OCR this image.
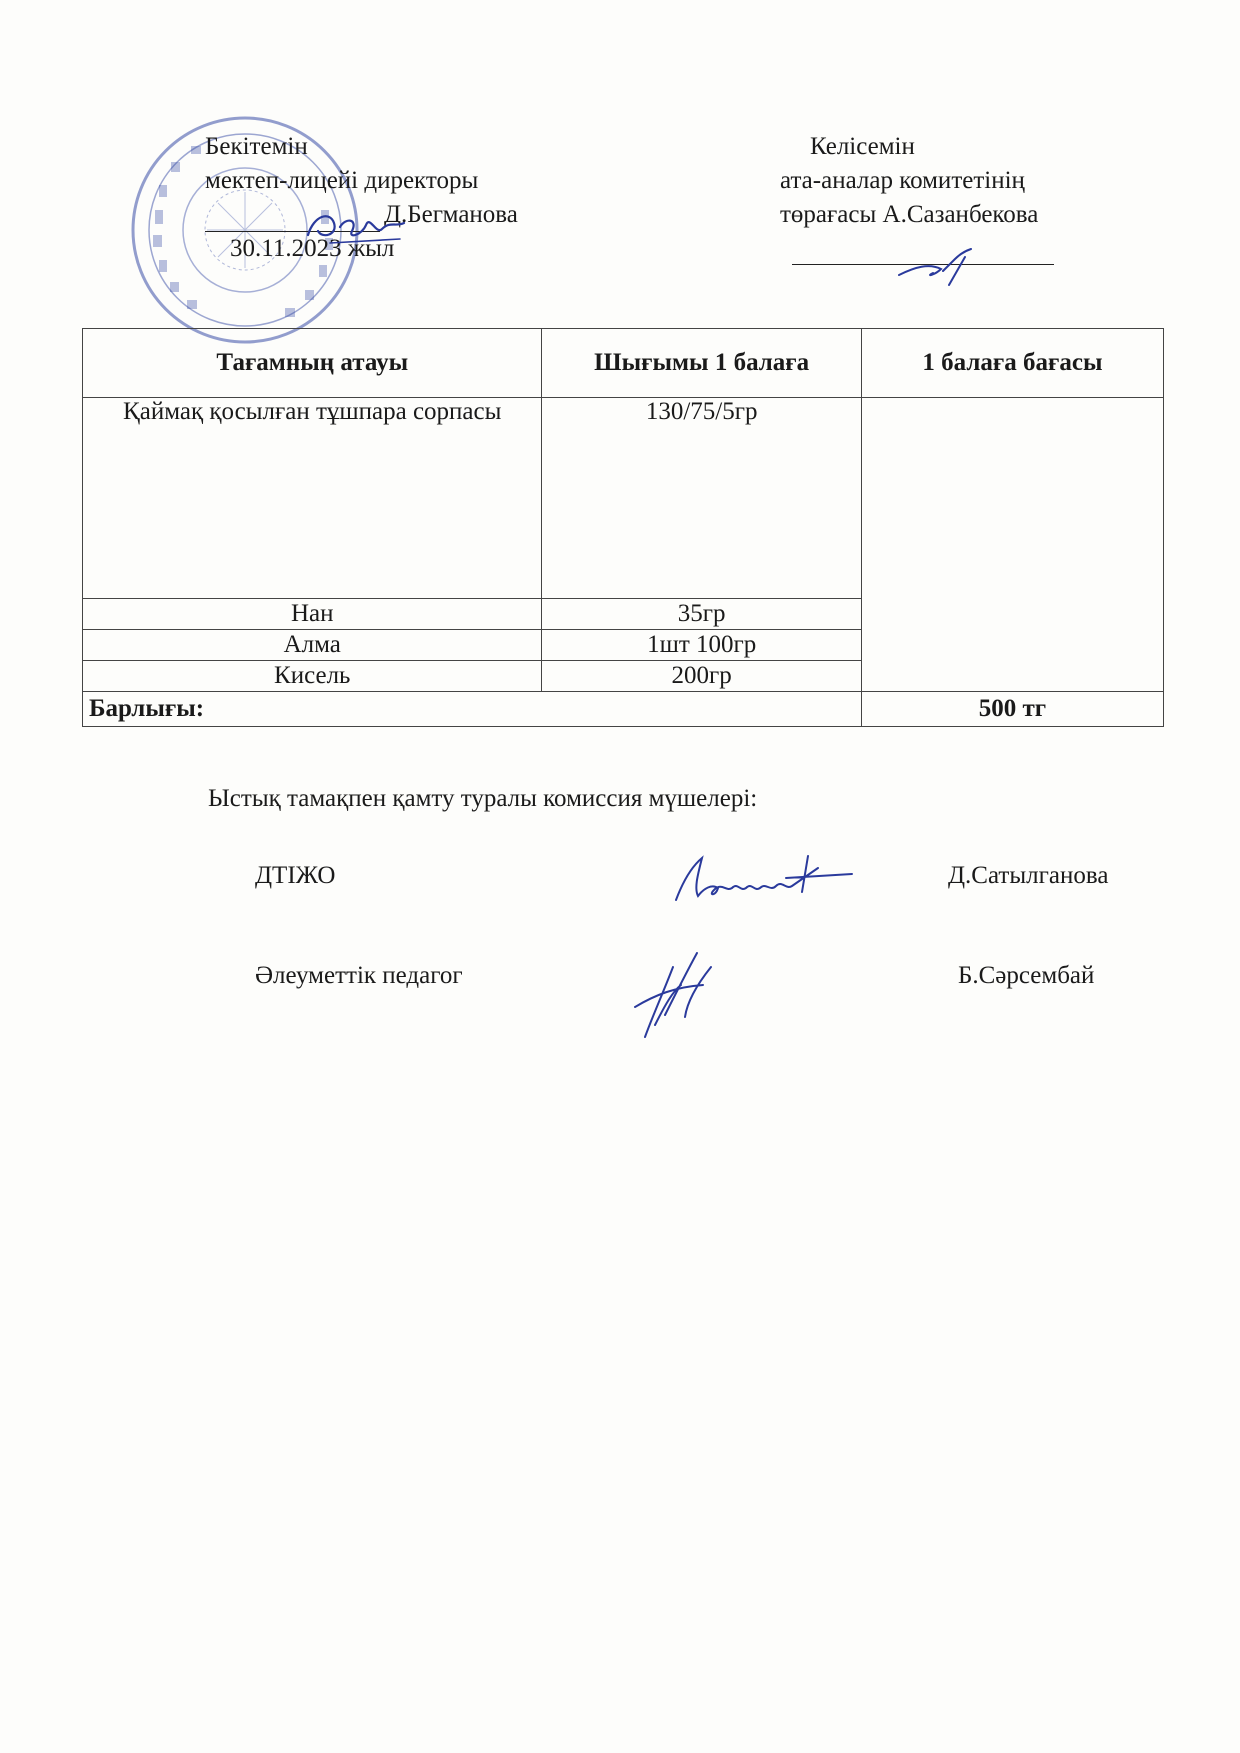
Бекітемін
мектеп-лицейі директоры
Д.Бегманова
30.11.2023 жыл
Келісемін
ата-аналар комитетінің
төрағасы А.Сазанбекова
Тағамның атауы	Шығымы 1 балаға	1 балаға бағасы
Қаймақ қосылған тұшпара сорпасы	130/75/5гр	
Нан	35гр	
Алма	1шт 100гр	
Кисель	200гр	
Барлығы:		500 тг
Ыстық тамақпен қамту туралы комиссия мүшелері:
ДТІЖО	Д.Сатылганова
Әлеуметтік педагог	Б.Сәрсембай
